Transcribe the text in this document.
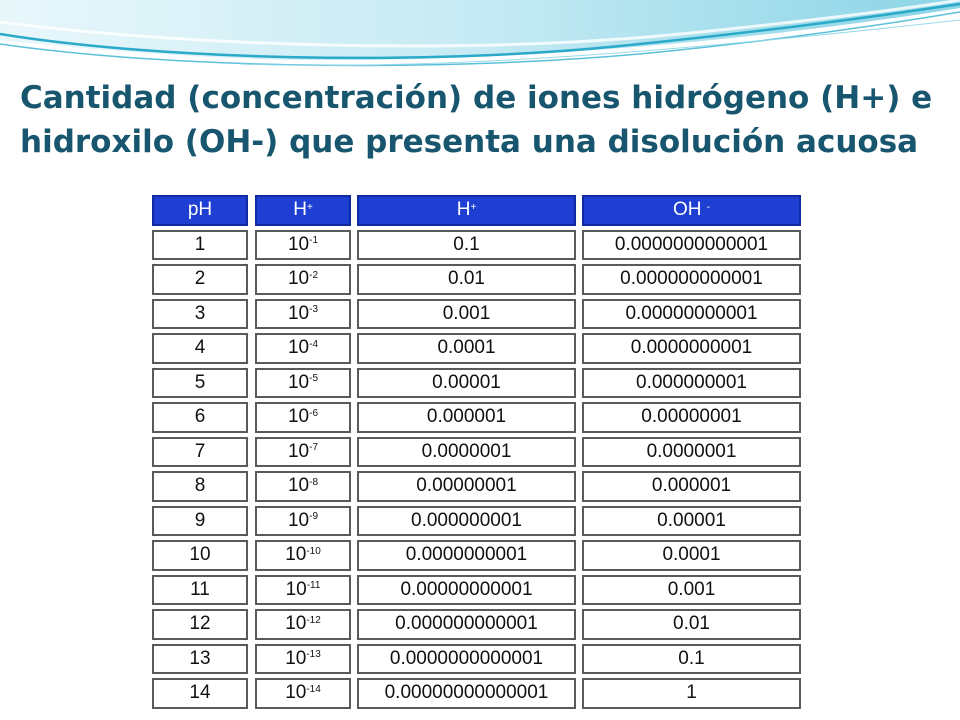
Cantidad (concentración) de iones hidrógeno (H+) e
hidroxilo (OH-) que presenta una disolución acuosa
pH
1
2
3
4
5
6
7
8
9
10
11
12
13
14
H+
$10^{-1}$
$10^{-2}$
$10^{-3}$
$10^{-4}$
$10^{-5}$
$10^{-6}$
$10^{-7}$
$10^{-8}$
$10^{-9}$
$10^{-10}$
$10^{-11}$
$10^{-12}$
$10^{-13}$
$10^{-14}$
H+
0.1
0.01
0.001
0.0001
0.00001
0.000001
0.0000001
0.00000001
0.000000001
0.0000000001
0.00000000001
0.000000000001
0.0000000000001
0.00000000000001
OH
-
0.0000000000001
0.000000000001
0.00000000001
0.0000000001
0.000000001
0.00000001
0.0000001
0.000001
0.00001
0.0001
0.001
0.01
0.1
1
